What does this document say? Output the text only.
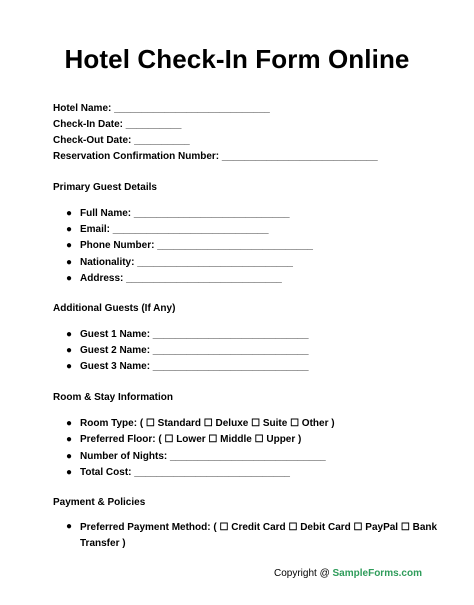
Hotel Check-In Form Online
Hotel Name: ____________________________
Check-In Date: __________
Check-Out Date: __________
Reservation Confirmation Number: ____________________________
Primary Guest Details
● Full Name: ____________________________
● Email: ____________________________
● Phone Number: ____________________________
● Nationality: ____________________________
● Address: ____________________________
Additional Guests (If Any)
● Guest 1 Name: ____________________________
● Guest 2 Name: ____________________________
● Guest 3 Name: ____________________________
Room & Stay Information
● Room Type: ( ☐ Standard ☐ Deluxe ☐ Suite ☐ Other )
● Preferred Floor: ( ☐ Lower ☐ Middle ☐ Upper )
● Number of Nights: ____________________________
● Total Cost: ____________________________
Payment & Policies
● Preferred Payment Method: ( ☐ Credit Card ☐ Debit Card ☐ PayPal ☐ Bank Transfer )
Copyright @ SampleForms.com
